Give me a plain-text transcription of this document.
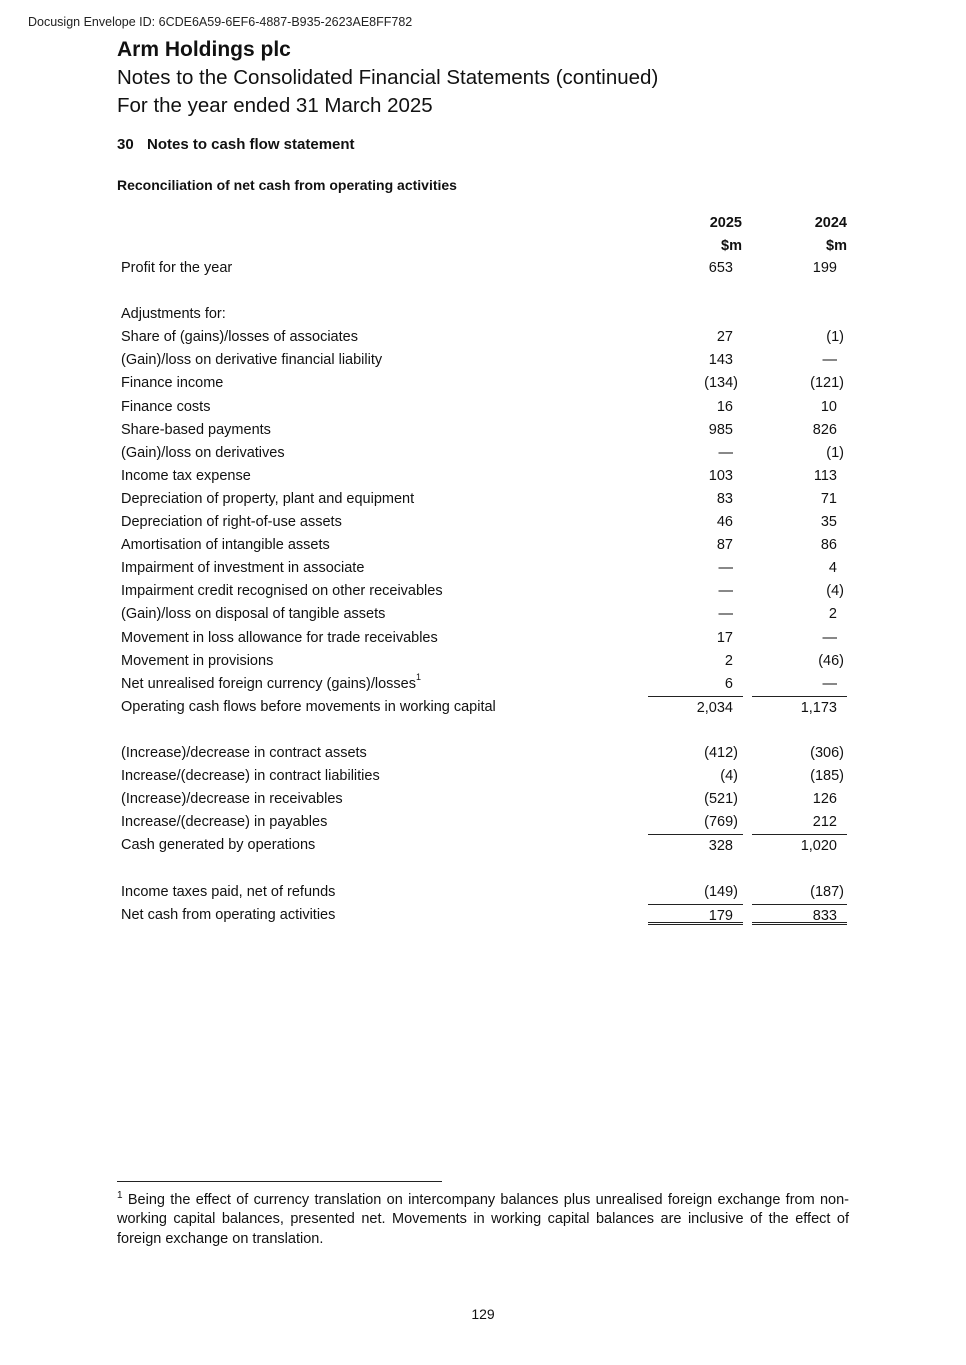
Docusign Envelope ID: 6CDE6A59-6EF6-4887-B935-2623AE8FF782
Arm Holdings plc
Notes to the Consolidated Financial Statements (continued)
For the year ended 31 March 2025
30 Notes to cash flow statement
Reconciliation of net cash from operating activities
2025
$m
2024
$m
Profit for the year	653	199
Adjustments for:
Share of (gains)/losses of associates	27	(1)
(Gain)/loss on derivative financial liability	143	—
Finance income	(134)	(121)
Finance costs	16	10
Share-based payments	985	826
(Gain)/loss on derivatives	—	(1)
Income tax expense	103	113
Depreciation of property, plant and equipment	83	71
Depreciation of right-of-use assets	46	35
Amortisation of intangible assets	87	86
Impairment of investment in associate	—	4
Impairment credit recognised on other receivables	—	(4)
(Gain)/loss on disposal of tangible assets	—	2
Movement in loss allowance for trade receivables	17	—
Movement in provisions	2	(46)
Net unrealised foreign currency (gains)/losses$^1$	6	—
Operating cash flows before movements in working capital	2,034	1,173
(Increase)/decrease in contract assets	(412)	(306)
Increase/(decrease) in contract liabilities	(4)	(185)
(Increase)/decrease in receivables	(521)	126
Increase/(decrease) in payables	(769)	212
Cash generated by operations	328	1,020
Income taxes paid, net of refunds	(149)	(187)
Net cash from operating activities	179	833
$^1$ Being the effect of currency translation on intercompany balances plus unrealised foreign exchange from non-working capital balances, presented net. Movements in working capital balances are inclusive of the effect of foreign exchange on translation.
129
